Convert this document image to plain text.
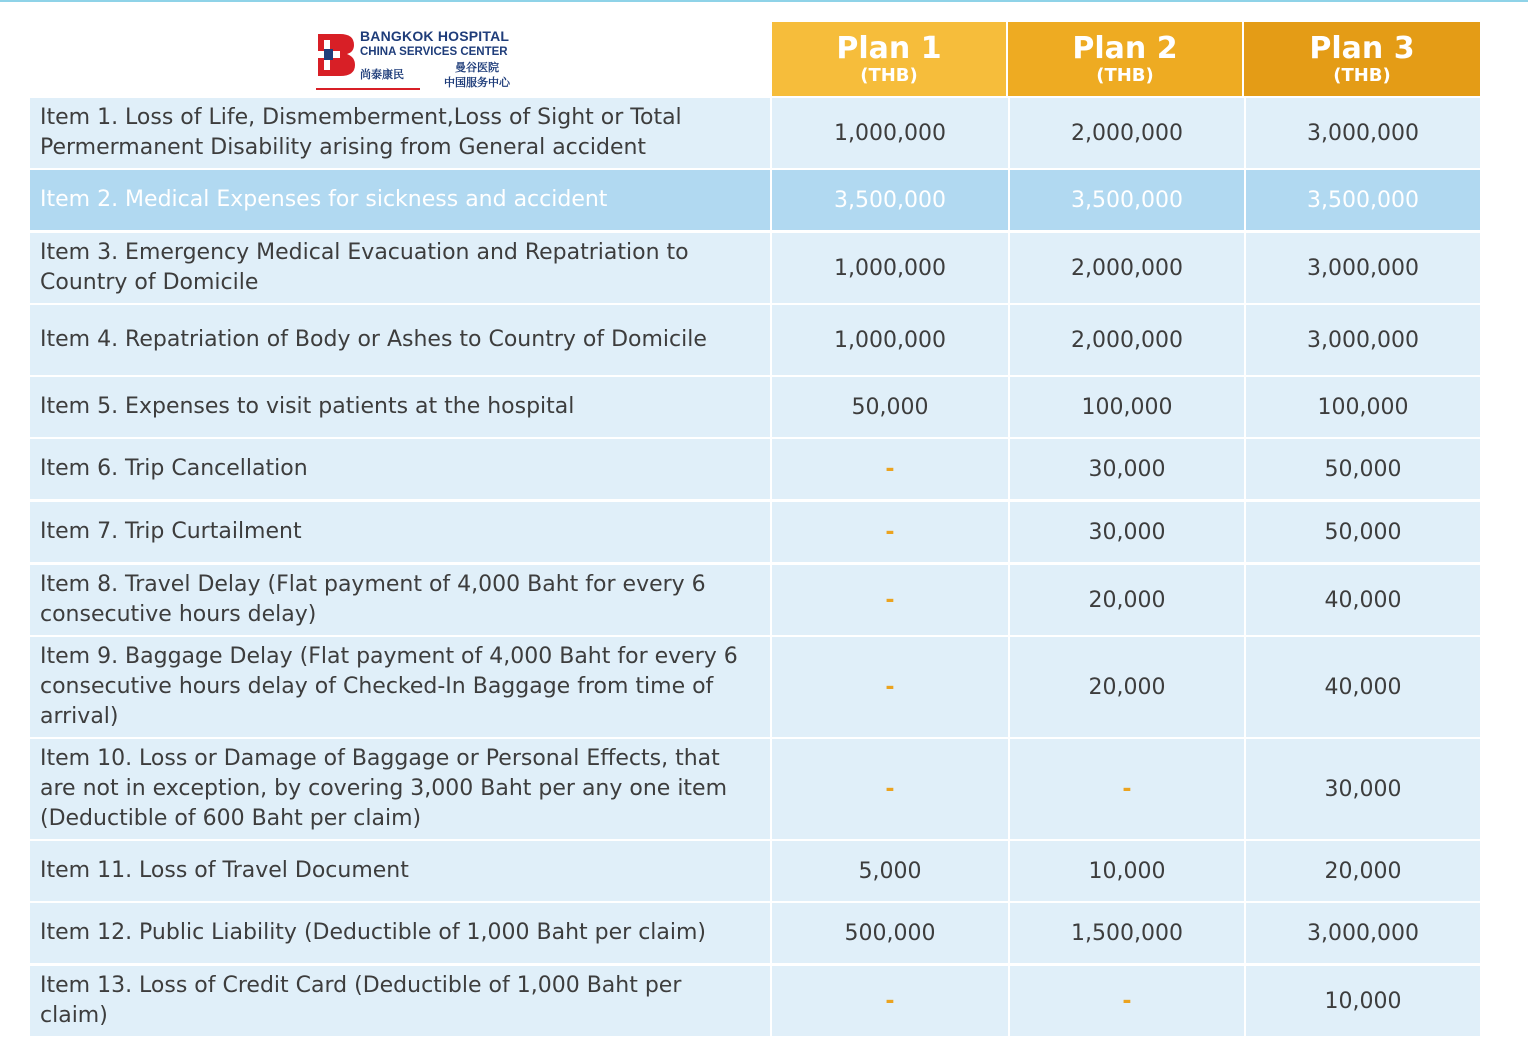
BANGKOK HOSPITAL
CHINA SERVICES CENTER
尚泰康民
曼谷医院
中国服务中心
Plan 1
(THB)
Plan 2
(THB)
Plan 3
(THB)
Item 1. Loss of Life, Dismemberment,Loss of Sight or Total Permermanent Disability arising from General accident
1,000,000	2,000,000	3,000,000
Item 2. Medical Expenses for sickness and accident	3,500,000	3,500,000	3,500,000
Item 3. Emergency Medical Evacuation and Repatriation to Country of Domicile
1,000,000	2,000,000	3,000,000
Item 4. Repatriation of Body or Ashes to Country of Domicile	1,000,000	2,000,000	3,000,000
Item 5. Expenses to visit patients at the hospital	50,000	100,000	100,000
Item 6. Trip Cancellation	-	30,000	50,000
Item 7. Trip Curtailment	-	30,000	50,000
Item 8. Travel Delay (Flat payment of 4,000 Baht for every 6 consecutive hours delay)
-	20,000	40,000
Item 9. Baggage Delay (Flat payment of 4,000 Baht for every 6 consecutive hours delay of Checked-In Baggage from time of arrival)
-	20,000	40,000
Item 10. Loss or Damage of Baggage or Personal Effects, that are not in exception, by covering 3,000 Baht per any one item (Deductible of 600 Baht per claim)
-	-	30,000
Item 11. Loss of Travel Document	5,000	10,000	20,000
Item 12. Public Liability (Deductible of 1,000 Baht per claim)	500,000	1,500,000	3,000,000
Item 13. Loss of Credit Card (Deductible of 1,000 Baht per claim)
-	-	10,000
